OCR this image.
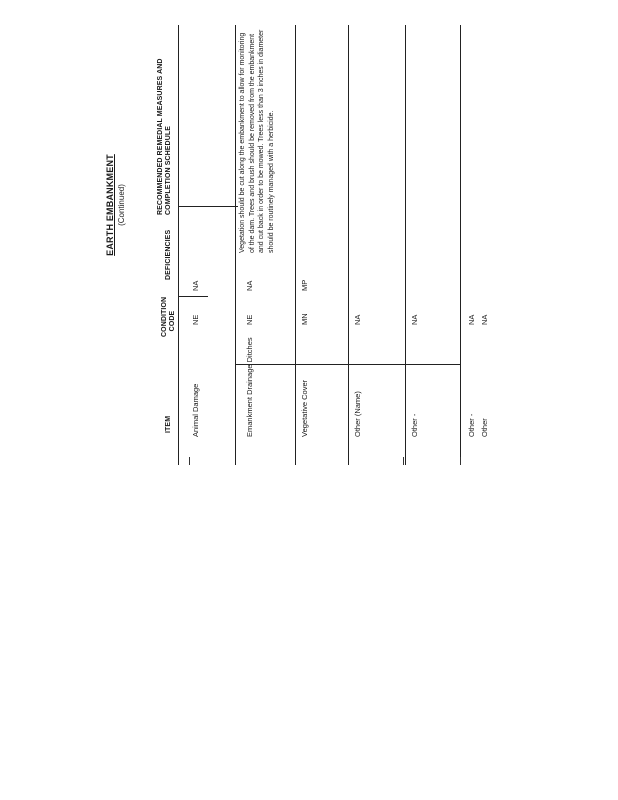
EARTH EMBANKMENT (Continued)
ITEM
CONDITION CODE
DEFICIENCIES
RECOMMENDED REMEDIAL MEASURES AND COMPLETION SCHEDULE
Animal Damage
NE
NA
Emankment Drainage Ditches
NE
NA
Vegetative Cover
MN
MP
Vegetation should be cut along the embankment to allow for monitoring of the dam. Trees and brush should be removed from the embankment and cut back in order to be mowed. Trees less than 3 inches in diameter should be routinely managed with a herbicide.
Other (Name)
NA
Other -
NA
Other -
NA
Other
NA
